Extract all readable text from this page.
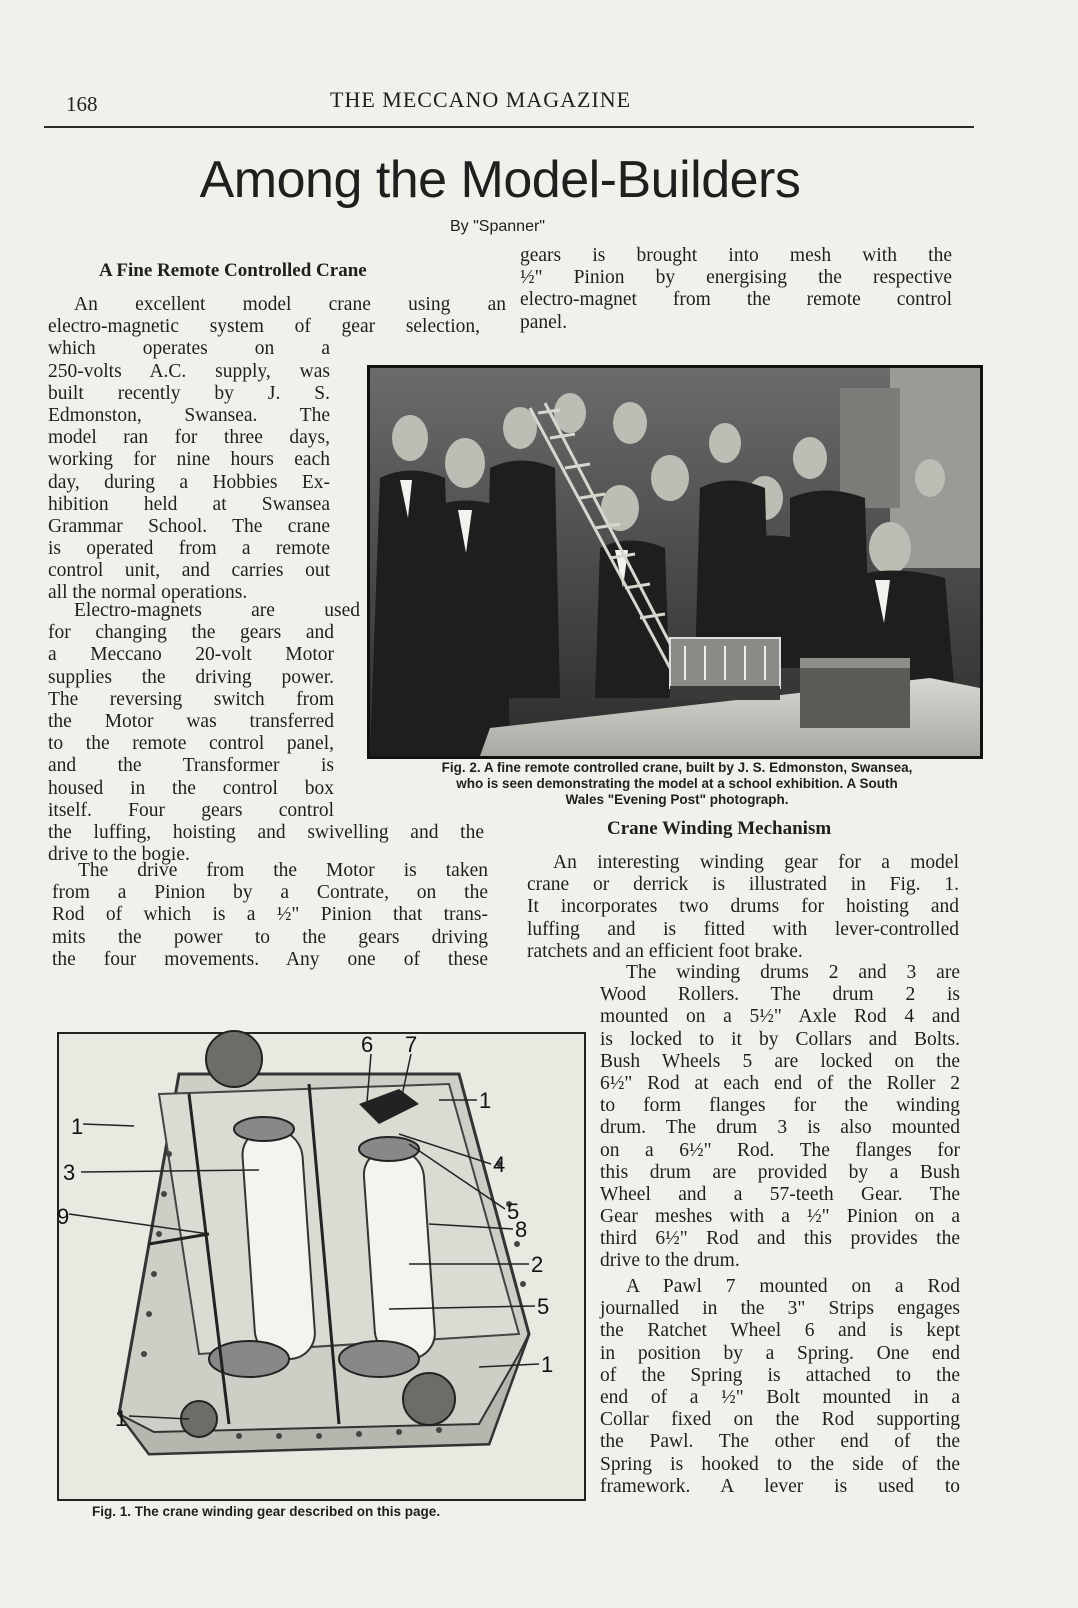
168	THE MECCANO MAGAZINE
Among the Model-Builders
By "Spanner"
A Fine Remote Controlled Crane
An excellent model crane using an
electro-magnetic system of gear selection,
which operates on a
250-volts A.C. supply, was
built recently by J. S.
Edmonston, Swansea. The
model ran for three days,
working for nine hours each
day, during a Hobbies Ex-
hibition held at Swansea
Grammar School. The crane
is operated from a remote
control unit, and carries out
all the normal operations.
Electro-magnets are used
for changing the gears and
a Meccano 20-volt Motor
supplies the driving power.
The reversing switch from
the Motor was transferred
to the remote control panel,
and the Transformer is
housed in the control box
itself. Four gears control
the luffing, hoisting and swivelling and the
drive to the bogie.
The drive from the Motor is taken
from a Pinion by a Contrate, on the
Rod of which is a ½" Pinion that trans-
mits the power to the gears driving
the four movements. Any one of these
gears is brought into mesh with the
½" Pinion by energising the respective
electro-magnet from the remote control
panel.
Fig. 2. A fine remote controlled crane, built by J. S. Edmonston, Swansea,
who is seen demonstrating the model at a school exhibition. A South
Wales "Evening Post" photograph.
Crane Winding Mechanism
An interesting winding gear for a model
crane or derrick is illustrated in Fig. 1.
It incorporates two drums for hoisting and
luffing and is fitted with lever-controlled
ratchets and an efficient foot brake.
The winding drums 2 and 3 are
Wood Rollers. The drum 2 is
mounted on a 5½" Axle Rod 4 and
is locked to it by Collars and Bolts.
Bush Wheels 5 are locked on the
6½" Rod at each end of the Roller 2
to form flanges for the winding
drum. The drum 3 is also mounted
on a 6½" Rod. The flanges for
this drum are provided by a Bush
Wheel and a 57-teeth Gear. The
Gear meshes with a ½" Pinion on a
third 6½" Rod and this provides the
drive to the drum.
A Pawl 7 mounted on a Rod
journalled in the 3" Strips engages
the Ratchet Wheel 6 and is kept
in position by a Spring. One end
of the Spring is attached to the
end of a ½" Bolt mounted in a
Collar fixed on the Rod supporting
the Pawl. The other end of the
Spring is hooked to the side of the
framework. A lever is used to
6 7
1
1
3	4
9	5
8
2
5
1
1
Fig. 1. The crane winding gear described on this page.
